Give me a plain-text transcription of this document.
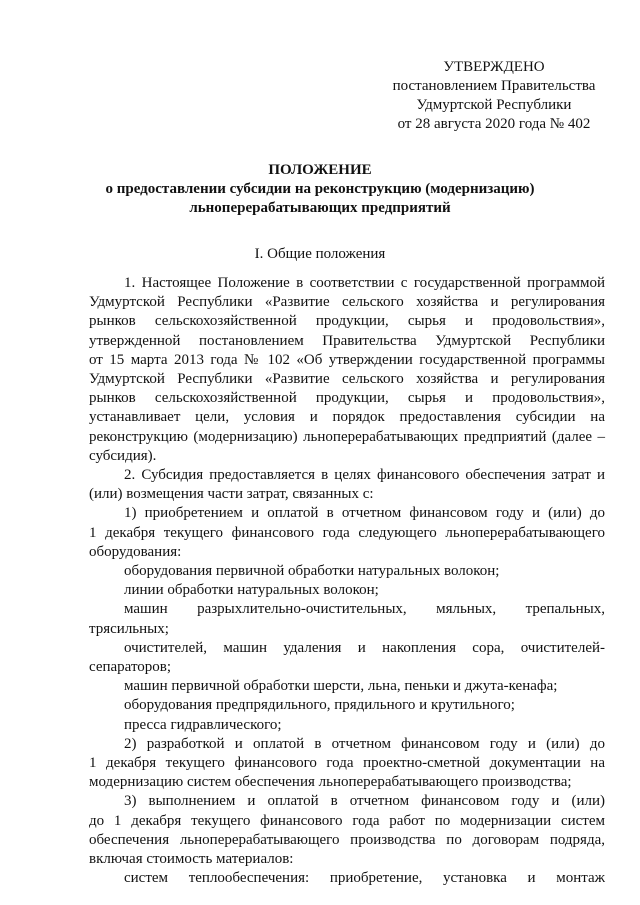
УТВЕРЖДЕНО
постановлением Правительства
Удмуртской Республики
от 28 августа 2020 года № 402
ПОЛОЖЕНИЕ
о предоставлении субсидии на реконструкцию (модернизацию)
льноперерабатывающих предприятий
I. Общие положения

1. Настоящее Положение в соответствии с государственной программой

Удмуртской Республики «Развитие сельского хозяйства и регулирования

рынков сельскохозяйственной продукции, сырья и продовольствия»,

утвержденной постановлением Правительства Удмуртской Республики

от 15 марта 2013 года № 102 «Об утверждении государственной программы

Удмуртской Республики «Развитие сельского хозяйства и регулирования

рынков сельскохозяйственной продукции, сырья и продовольствия»,

устанавливает цели, условия и порядок предоставления субсидии на

реконструкцию (модернизацию) льноперерабатывающих предприятий (далее –

субсидия).

2. Субсидия предоставляется в целях финансового обеспечения затрат и

(или) возмещения части затрат, связанных с:

1) приобретением и оплатой в отчетном финансовом году и (или) до

1 декабря текущего финансового года следующего льноперерабатывающего

оборудования:

оборудования первичной обработки натуральных волокон;

линии обработки натуральных волокон;

машин разрыхлительно-очистительных, мяльных, трепальных,

трясильных;

очистителей, машин удаления и накопления сора, очистителей-

сепараторов;

машин первичной обработки шерсти, льна, пеньки и джута-кенафа;

оборудования предпрядильного, прядильного и крутильного;

пресса гидравлического;

2) разработкой и оплатой в отчетном финансовом году и (или) до

1 декабря текущего финансового года проектно-сметной документации на

модернизацию систем обеспечения льноперерабатывающего производства;

3) выполнением и оплатой в отчетном финансовом году и (или)

до 1 декабря текущего финансового года работ по модернизации систем

обеспечения льноперерабатывающего производства по договорам подряда,

включая стоимость материалов:

систем теплообеспечения: приобретение, установка и монтаж
